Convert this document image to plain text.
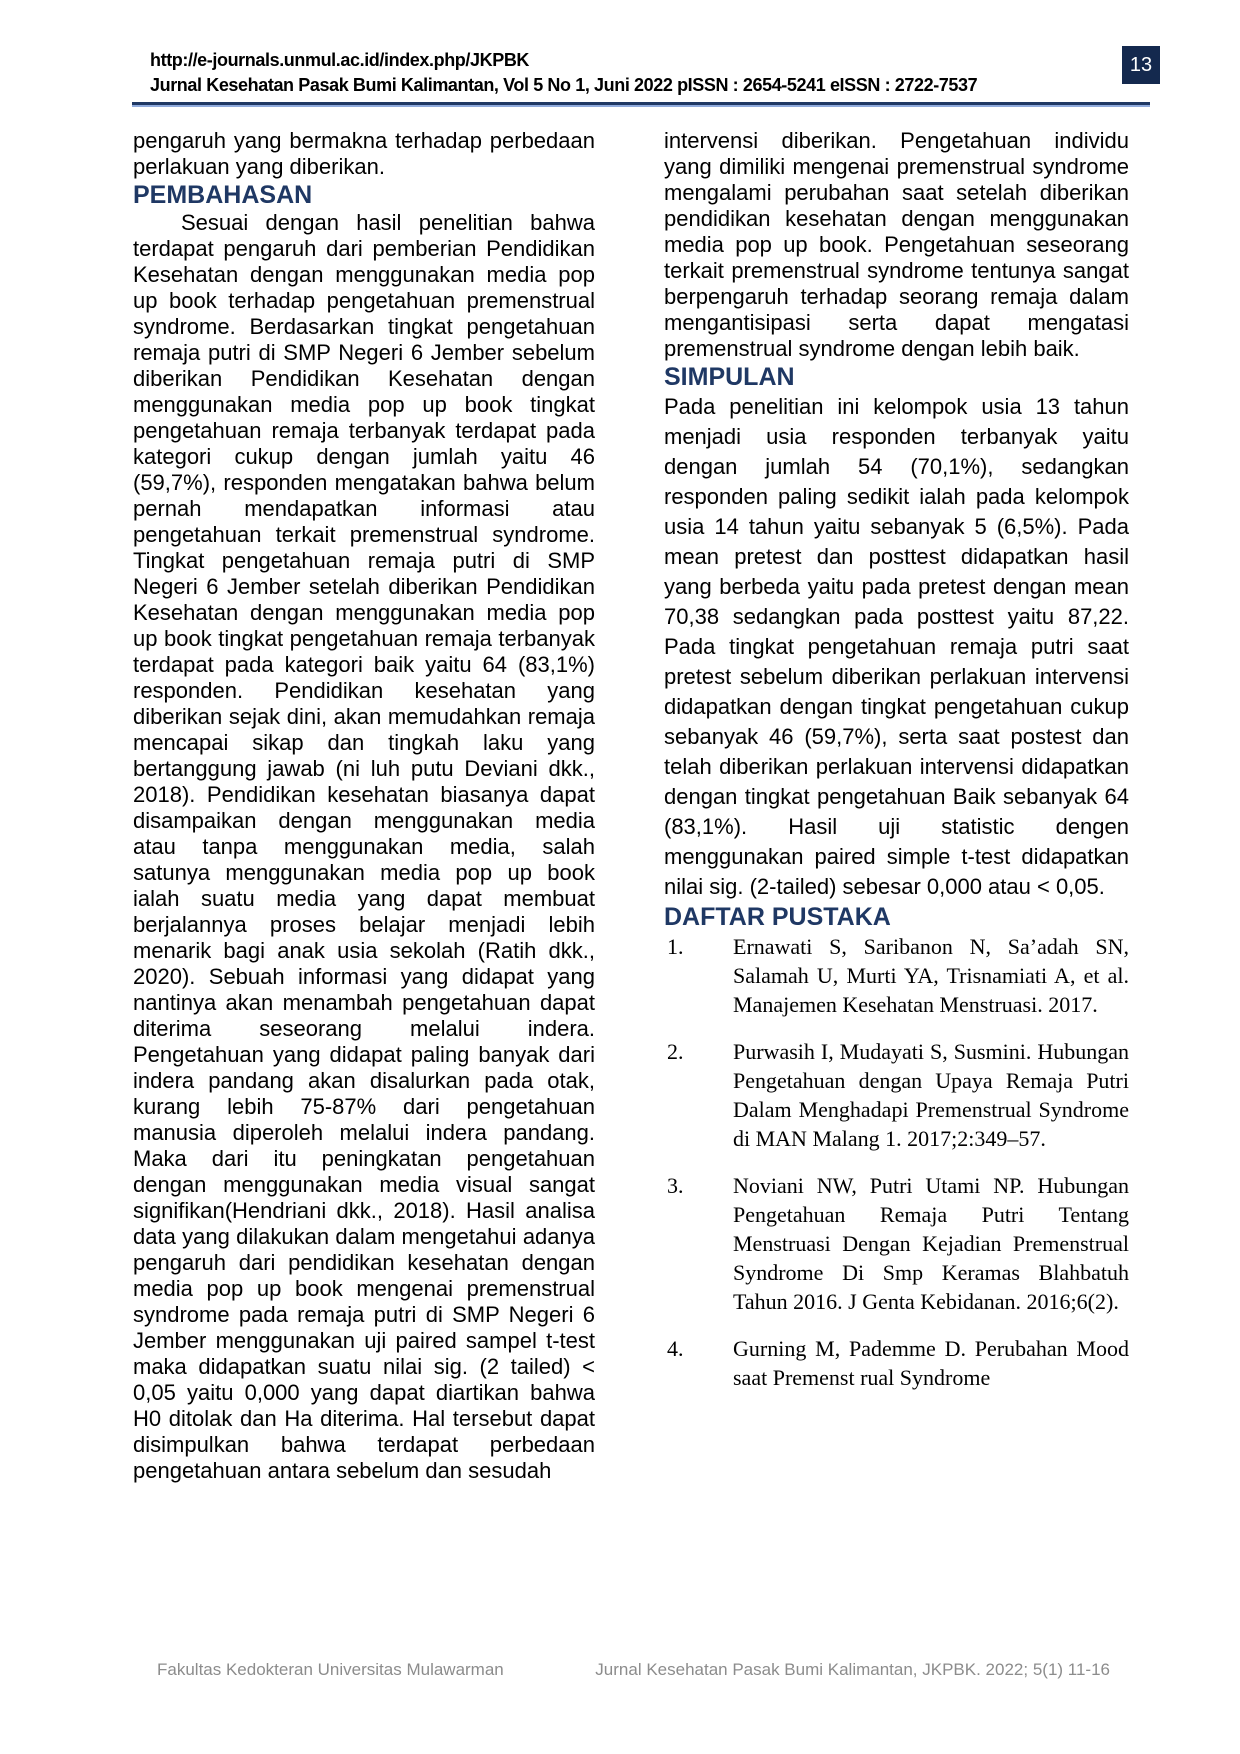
http://e-journals.unmul.ac.id/index.php/JKPBK
Jurnal Kesehatan Pasak Bumi Kalimantan, Vol 5 No 1, Juni 2022 pISSN : 2654-5241 eISSN : 2722-7537
13

pengaruh yang bermakna terhadap perbedaan perlakuan yang diberikan.

PEMBAHASAN

Sesuai dengan hasil penelitian bahwa terdapat pengaruh dari pemberian Pendidikan Kesehatan dengan menggunakan media pop up book terhadap pengetahuan premenstrual syndrome. Berdasarkan tingkat pengetahuan remaja putri di SMP Negeri 6 Jember sebelum diberikan Pendidikan Kesehatan dengan menggunakan media pop up book tingkat pengetahuan remaja terbanyak terdapat pada kategori cukup dengan jumlah yaitu 46 (59,7%), responden mengatakan bahwa belum pernah mendapatkan informasi atau pengetahuan terkait premenstrual syndrome. Tingkat pengetahuan remaja putri di SMP Negeri 6 Jember setelah diberikan Pendidikan Kesehatan dengan menggunakan media pop up book tingkat pengetahuan remaja terbanyak terdapat pada kategori baik yaitu 64 (83,1%) responden. Pendidikan kesehatan yang diberikan sejak dini, akan memudahkan remaja mencapai sikap dan tingkah laku yang bertanggung jawab (ni luh putu Deviani dkk., 2018). Pendidikan kesehatan biasanya dapat disampaikan dengan menggunakan media atau tanpa menggunakan media, salah satunya menggunakan media pop up book ialah suatu media yang dapat membuat berjalannya proses belajar menjadi lebih menarik bagi anak usia sekolah (Ratih dkk., 2020). Sebuah informasi yang didapat yang nantinya akan menambah pengetahuan dapat diterima seseorang melalui indera. Pengetahuan yang didapat paling banyak dari indera pandang akan disalurkan pada otak, kurang lebih 75-87% dari pengetahuan manusia diperoleh melalui indera pandang. Maka dari itu peningkatan pengetahuan dengan menggunakan media visual sangat signifikan(Hendriani dkk., 2018). Hasil analisa data yang dilakukan dalam mengetahui adanya pengaruh dari pendidikan kesehatan dengan media pop up book mengenai premenstrual syndrome pada remaja putri di SMP Negeri 6 Jember menggunakan uji paired sampel t-test maka didapatkan suatu nilai sig. (2 tailed) < 0,05 yaitu 0,000 yang dapat diartikan bahwa H0 ditolak dan Ha diterima. Hal tersebut dapat disimpulkan bahwa terdapat perbedaan pengetahuan antara sebelum dan sesudah

intervensi diberikan. Pengetahuan individu yang dimiliki mengenai premenstrual syndrome mengalami perubahan saat setelah diberikan pendidikan kesehatan dengan menggunakan media pop up book. Pengetahuan seseorang terkait premenstrual syndrome tentunya sangat berpengaruh terhadap seorang remaja dalam mengantisipasi serta dapat mengatasi premenstrual syndrome dengan lebih baik.

SIMPULAN

Pada penelitian ini kelompok usia 13 tahun menjadi usia responden terbanyak yaitu dengan jumlah 54 (70,1%), sedangkan responden paling sedikit ialah pada kelompok usia 14 tahun yaitu sebanyak 5 (6,5%). Pada mean pretest dan posttest didapatkan hasil yang berbeda yaitu pada pretest dengan mean 70,38 sedangkan pada posttest yaitu 87,22. Pada tingkat pengetahuan remaja putri saat pretest sebelum diberikan perlakuan intervensi didapatkan dengan tingkat pengetahuan cukup sebanyak 46 (59,7%), serta saat postest dan telah diberikan perlakuan intervensi didapatkan dengan tingkat pengetahuan Baik sebanyak 64 (83,1%). Hasil uji statistic dengen menggunakan paired simple t-test didapatkan nilai sig. (2-tailed) sebesar 0,000 atau < 0,05.

DAFTAR PUSTAKA
1. Ernawati S, Saribanon N, Sa’adah SN, Salamah U, Murti YA, Trisnamiati A, et al. Manajemen Kesehatan Menstruasi. 2017.
2. Purwasih I, Mudayati S, Susmini. Hubungan Pengetahuan dengan Upaya Remaja Putri Dalam Menghadapi Premenstrual Syndrome di MAN Malang 1. 2017;2:349–57.
3. Noviani NW, Putri Utami NP. Hubungan Pengetahuan Remaja Putri Tentang Menstruasi Dengan Kejadian Premenstrual Syndrome Di Smp Keramas Blahbatuh Tahun 2016. J Genta Kebidanan. 2016;6(2).
4. Gurning M, Pademme D. Perubahan Mood saat Premenst rual Syndrome
Fakultas Kedokteran Universitas Mulawarman	Jurnal Kesehatan Pasak Bumi Kalimantan, JKPBK. 2022; 5(1) 11-16
